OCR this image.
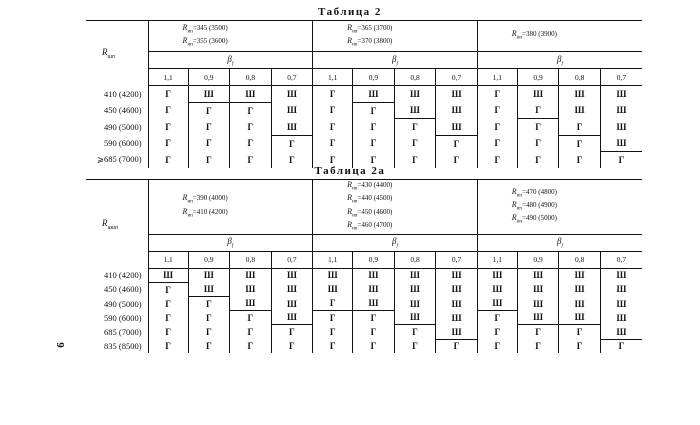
Таблица 2
$R_{шп}$	$R_{ип}=345$ (3500)
$R_{ип}=355$ (3600)				$R_{ип}=365$ (3700)
$R_{ип}=370$ (3800)				$R_{ип}=380$ (3900)			

	$\beta_f$				$\beta_f$				$\beta_f$
	1,1	0,9	0,8	0,7	1,1	0,9	0,8	0,7	1,1	0,9	0,8	0,7
410 (4200)	Г	Ш	Ш	Ш	Г	Ш	Ш	Ш	Г	Ш	Ш	Ш
450 (4600)	Г	Г	Г	Ш	Г	Г	Ш	Ш	Г	Г	Ш	Ш
490 (5000)	Г	Г	Г	Ш	Г	Г	Г	Ш	Г	Г	Г	Ш
590 (6000)	Г	Г	Г	Г	Г	Г	Г	Г	Г	Г	Г	Ш
⩾685 (7000)	Г	Г	Г	Г	Г	Г	Г	Г	Г	Г	Г	Г
Таблица 2а
$R_{шип}$	$R_{ип}=390$ (4000)
$R_{ип}=410$ (4200)				$R_{ип}=430$ (4400)
$R_{ип}=440$ (4500)
$R_{ип}=450$ (4600)
$R_{ип}=460$ (4700)				$R_{ип}=470$ (4800)
$R_{ип}=480$ (4900)
$R_{ип}=490$ (5000)			

	$\beta_f$				$\beta_f$				$\beta_f$
	1,1	0,9	0,8	0,7	1,1	0,9	0,8	0,7	1,1	0,9	0,8	0,7
410 (4200)	Ш	Ш	Ш	Ш	Ш	Ш	Ш	Ш	Ш	Ш	Ш	Ш
450 (4600)	Г	Ш	Ш	Ш	Ш	Ш	Ш	Ш	Ш	Ш	Ш	Ш
490 (5000)	Г	Г	Ш	Ш	Г	Ш	Ш	Ш	Ш	Ш	Ш	Ш
590 (6000)	Г	Г	Г	Ш	Г	Г	Ш	Ш	Г	Ш	Ш	Ш
685 (7000)	Г	Г	Г	Г	Г	Г	Г	Ш	Г	Г	Г	Ш
835 (8500)	Г	Г	Г	Г	Г	Г	Г	Г	Г	Г	Г	Г
6
